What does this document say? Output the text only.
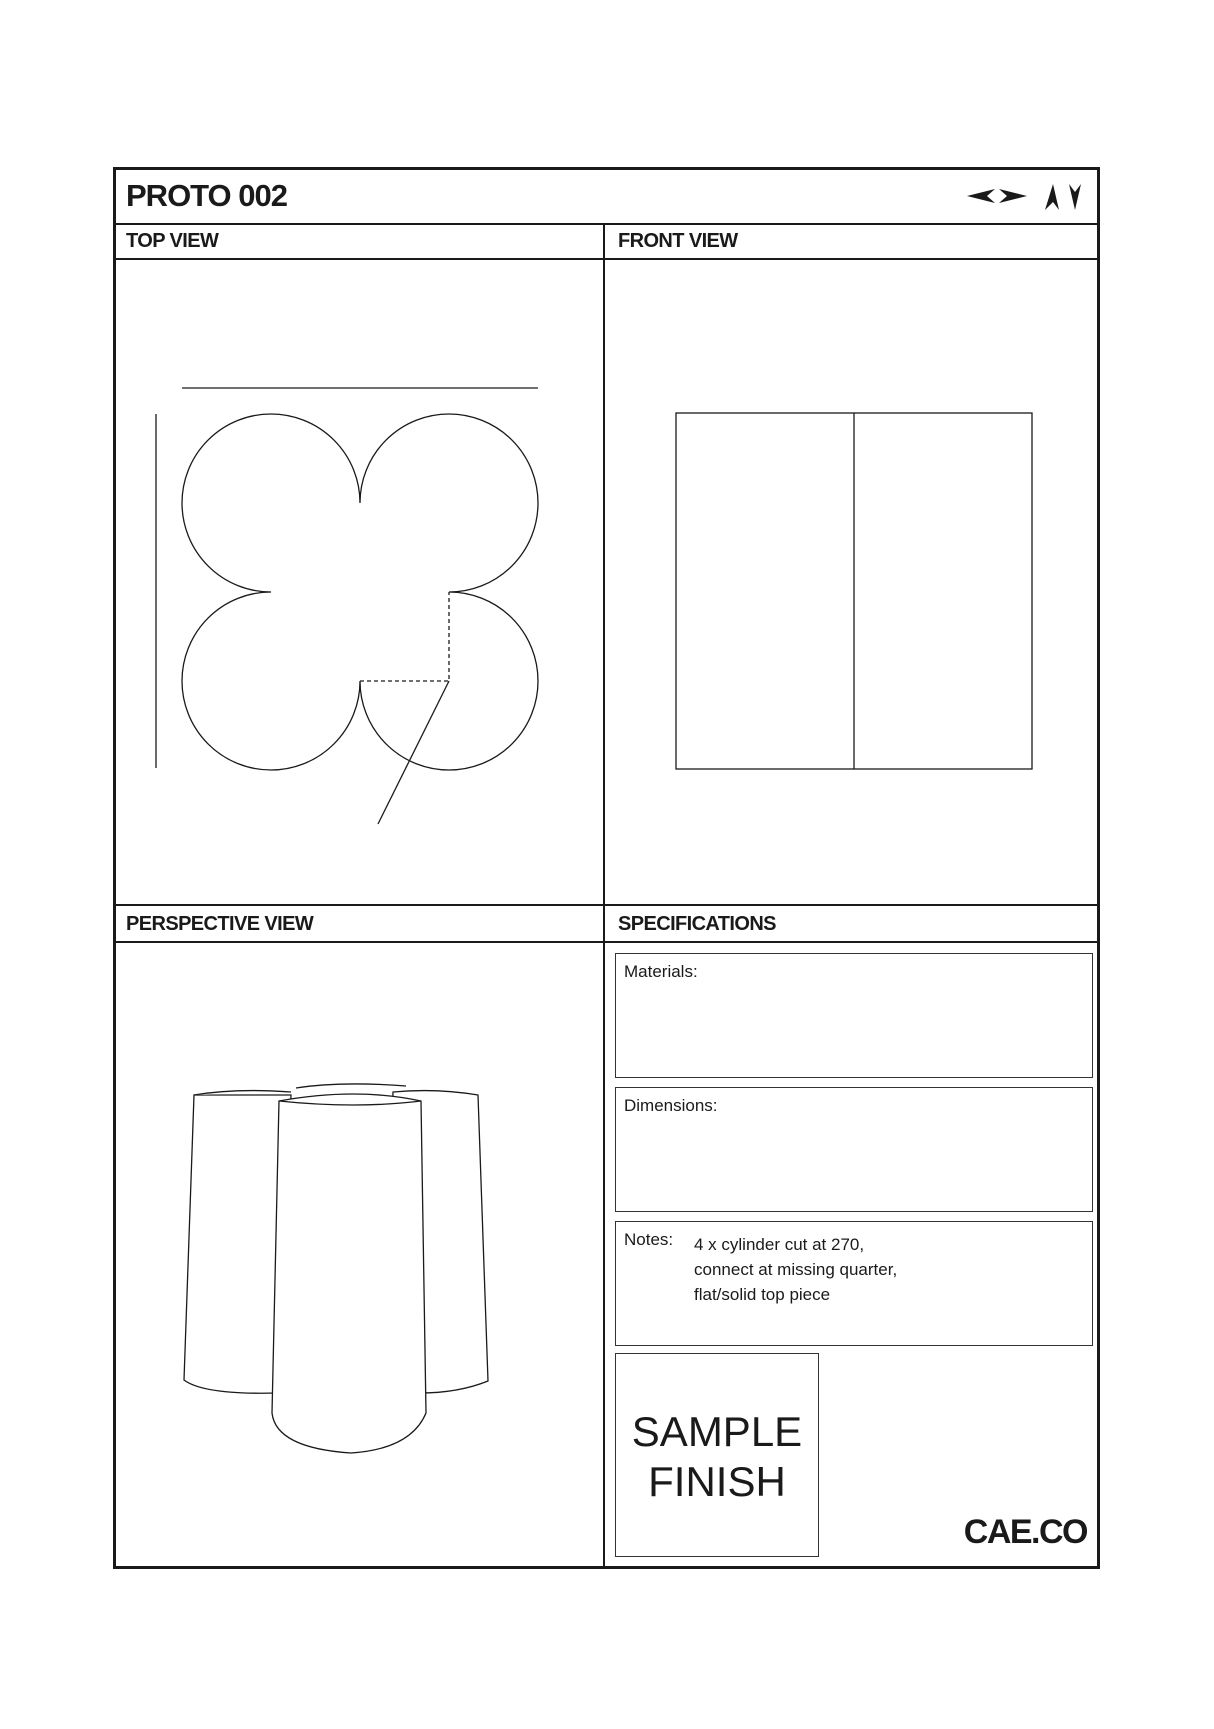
PROTO 002
TOP VIEW	FRONT VIEW
PERSPECTIVE VIEW	SPECIFICATIONS
Materials:
Dimensions:
Notes: 4 x cylinder cut at 270,
connect at missing quarter,
flat/solid top piece
SAMPLE
FINISH
CAE.CO
